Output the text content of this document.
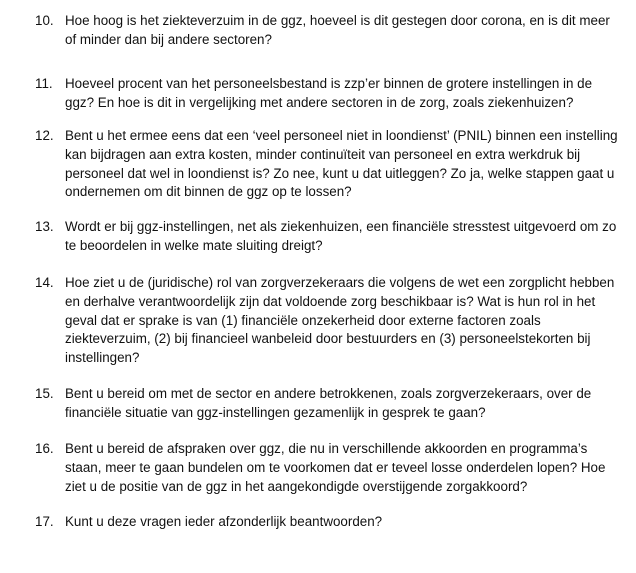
10. Hoe hoog is het ziekteverzuim in de ggz, hoeveel is dit gestegen door corona, en is dit meer
of minder dan bij andere sectoren?
11. Hoeveel procent van het personeelsbestand is zzp’er binnen de grotere instellingen in de
ggz? En hoe is dit in vergelijking met andere sectoren in de zorg, zoals ziekenhuizen?
12. Bent u het ermee eens dat een ‘veel personeel niet in loondienst’ (PNIL) binnen een instelling
kan bijdragen aan extra kosten, minder continuïteit van personeel en extra werkdruk bij
personeel dat wel in loondienst is? Zo nee, kunt u dat uitleggen? Zo ja, welke stappen gaat u
ondernemen om dit binnen de ggz op te lossen?
13. Wordt er bij ggz-instellingen, net als ziekenhuizen, een financiële stresstest uitgevoerd om zo
te beoordelen in welke mate sluiting dreigt?
14. Hoe ziet u de (juridische) rol van zorgverzekeraars die volgens de wet een zorgplicht hebben
en derhalve verantwoordelijk zijn dat voldoende zorg beschikbaar is? Wat is hun rol in het
geval dat er sprake is van (1) financiële onzekerheid door externe factoren zoals
ziekteverzuim, (2) bij financieel wanbeleid door bestuurders en (3) personeelstekorten bij
instellingen?
15. Bent u bereid om met de sector en andere betrokkenen, zoals zorgverzekeraars, over de
financiële situatie van ggz-instellingen gezamenlijk in gesprek te gaan?
16. Bent u bereid de afspraken over ggz, die nu in verschillende akkoorden en programma’s
staan, meer te gaan bundelen om te voorkomen dat er teveel losse onderdelen lopen? Hoe
ziet u de positie van de ggz in het aangekondigde overstijgende zorgakkoord?
17. Kunt u deze vragen ieder afzonderlijk beantwoorden?
